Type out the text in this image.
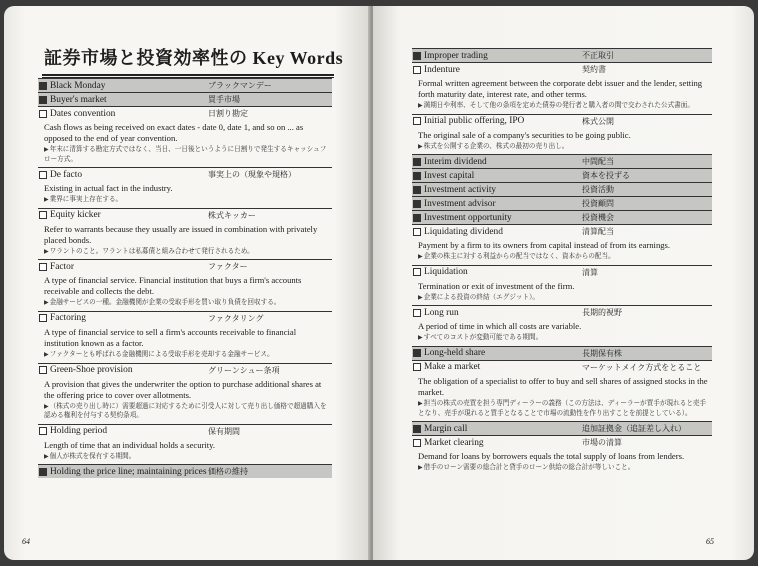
証券市場と投資効率性の Key Words
64	65
Black Monday	ブラックマンデー
Buyer's market	買手市場
Dates convention	日割り勘定
Cash flows as being received on exact dates - date 0, date 1, and so on ... as opposed to the end of year convention.
▶年末に清算する勘定方式ではなく、当日、一日後というように日割りで発生するキャッシュフロー方式。
De facto	事実上の（現象や規格）
Existing in actual fact in the industry.
▶業界に事実上存在する。
Equity kicker	株式キッカー
Refer to warrants because they usually are issued in combination with privately placed bonds.
▶ワラントのこと。ワラントは私募債と組み合わせて発行されるため。
Factor	ファクター
A type of financial service. Financial institution that buys a firm's accounts receivable and collects the debt.
▶金融サービスの一種。金融機関が企業の受取手形を買い取り負債を回収する。
Factoring	ファクタリング
A type of financial service to sell a firm's accounts receivable to financial institution known as a factor.
▶ファクターとも呼ばれる金融機関による受取手形を売却する金融サービス。
Green-Shoe provision	グリーンシュー条項
A provision that gives the underwriter the option to purchase additional shares at the offering price to cover over allotments.
▶（株式の売り出し時に）需要超過に対応するために引受人に対して売り出し価格で超過購入を認める権利を付与する契約条項。
Holding period	保有期間
Length of time that an individual holds a security.
▶個人が株式を保有する期間。
Holding the price line; maintaining prices 価格の維持
Improper trading	不正取引
Indenture	契約書
Formal written agreement between the corporate debt issuer and the lender, setting forth maturity date, interest rate, and other terms.
▶満期日や利率、そして他の条項を定めた債券の発行者と購入者の間で交わされた公式書面。
Initial public offering, IPO	株式公開
The original sale of a company's securities to be going public.
▶株式を公開する企業の、株式の最初の売り出し。
Interim dividend	中間配当
Invest capital	資本を投ずる
Investment activity	投資活動
Investment advisor	投資顧問
Investment opportunity	投資機会
Liquidating dividend	清算配当
Payment by a firm to its owners from capital instead of from its earnings.
▶企業の株主に対する利益からの配当ではなく、資本からの配当。
Liquidation	清算
Termination or exit of investment of the firm.
▶企業による投資の終結（エグジット）。
Long run	長期的視野
A period of time in which all costs are variable.
▶すべてのコストが変動可能である期間。
Long-held share	長期保有株
Make a market	マーケットメイク方式をとること
The obligation of a specialist to offer to buy and sell shares of assigned stocks in the market.
▶担当の株式の売買を担う専門ディーラーの義務（この方法は、ディーラーが買手が現れると売手となり、売手が現れると買手となることで市場の流動性を作り出すことを前提としている）。
Margin call	追加証拠金（追証差し入れ）
Market clearing	市場の清算
Demand for loans by borrowers equals the total supply of loans from lenders.
▶借手のローン需要の総合計と貸手のローン供給の総合計が等しいこと。
